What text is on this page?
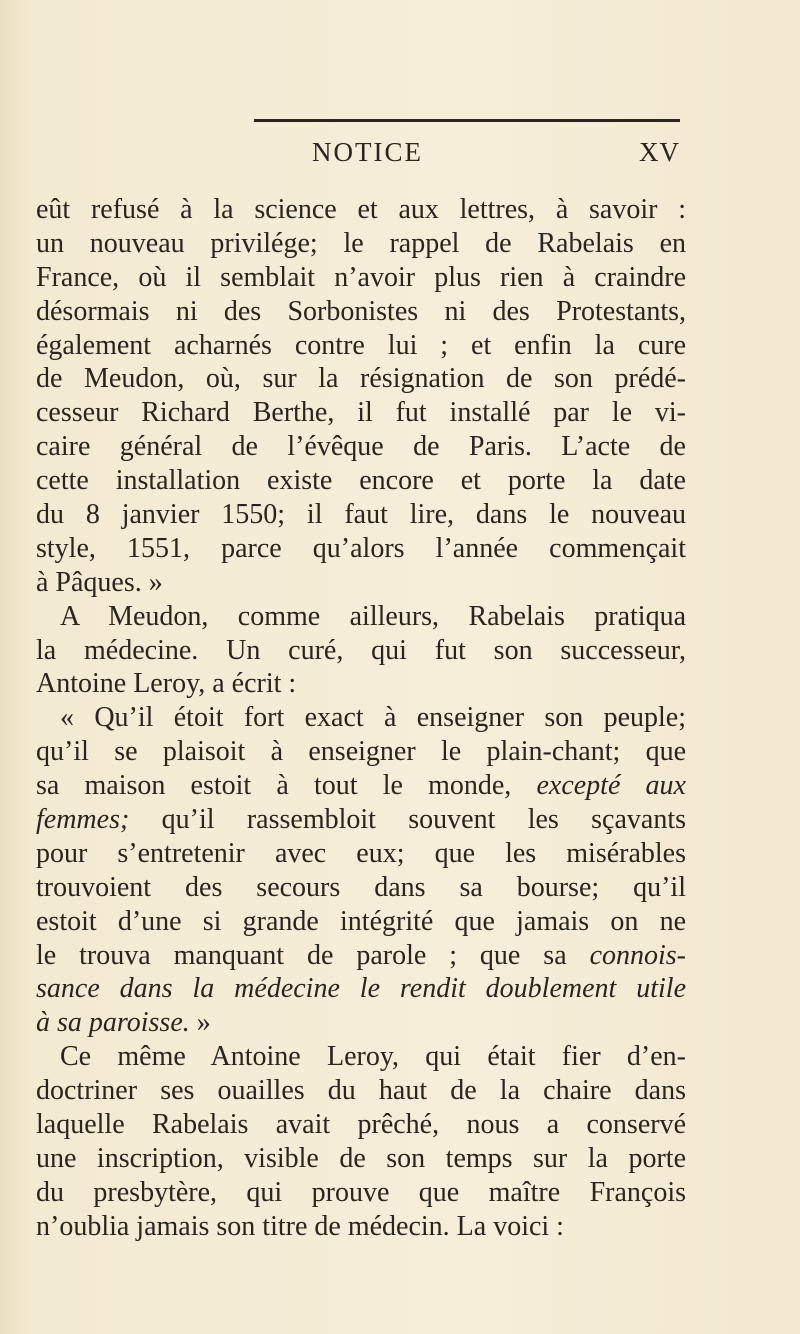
NOTICE	XV
eût refusé à la science et aux lettres, à savoir :
un nouveau privilége; le rappel de Rabelais en
France, où il semblait n’avoir plus rien à craindre
désormais ni des Sorbonistes ni des Protestants,
également acharnés contre lui ; et enfin la cure
de Meudon, où, sur la résignation de son prédé-
cesseur Richard Berthe, il fut installé par le vi-
caire général de l’évêque de Paris. L’acte de
cette installation existe encore et porte la date
du 8 janvier 1550; il faut lire, dans le nouveau
style, 1551, parce qu’alors l’année commençait
à Pâques. »
A Meudon, comme ailleurs, Rabelais pratiqua
la médecine. Un curé, qui fut son successeur,
Antoine Leroy, a écrit :
« Qu’il étoit fort exact à enseigner son peuple;
qu’il se plaisoit à enseigner le plain-chant; que
sa maison estoit à tout le monde, excepté aux
femmes; qu’il rassembloit souvent les sçavants
pour s’entretenir avec eux; que les misérables
trouvoient des secours dans sa bourse; qu’il
estoit d’une si grande intégrité que jamais on ne
le trouva manquant de parole ; que sa connois-
sance dans la médecine le rendit doublement utile
à sa paroisse. »
Ce même Antoine Leroy, qui était fier d’en-
doctriner ses ouailles du haut de la chaire dans
laquelle Rabelais avait prêché, nous a conservé
une inscription, visible de son temps sur la porte
du presbytère, qui prouve que maître François
n’oublia jamais son titre de médecin. La voici :
